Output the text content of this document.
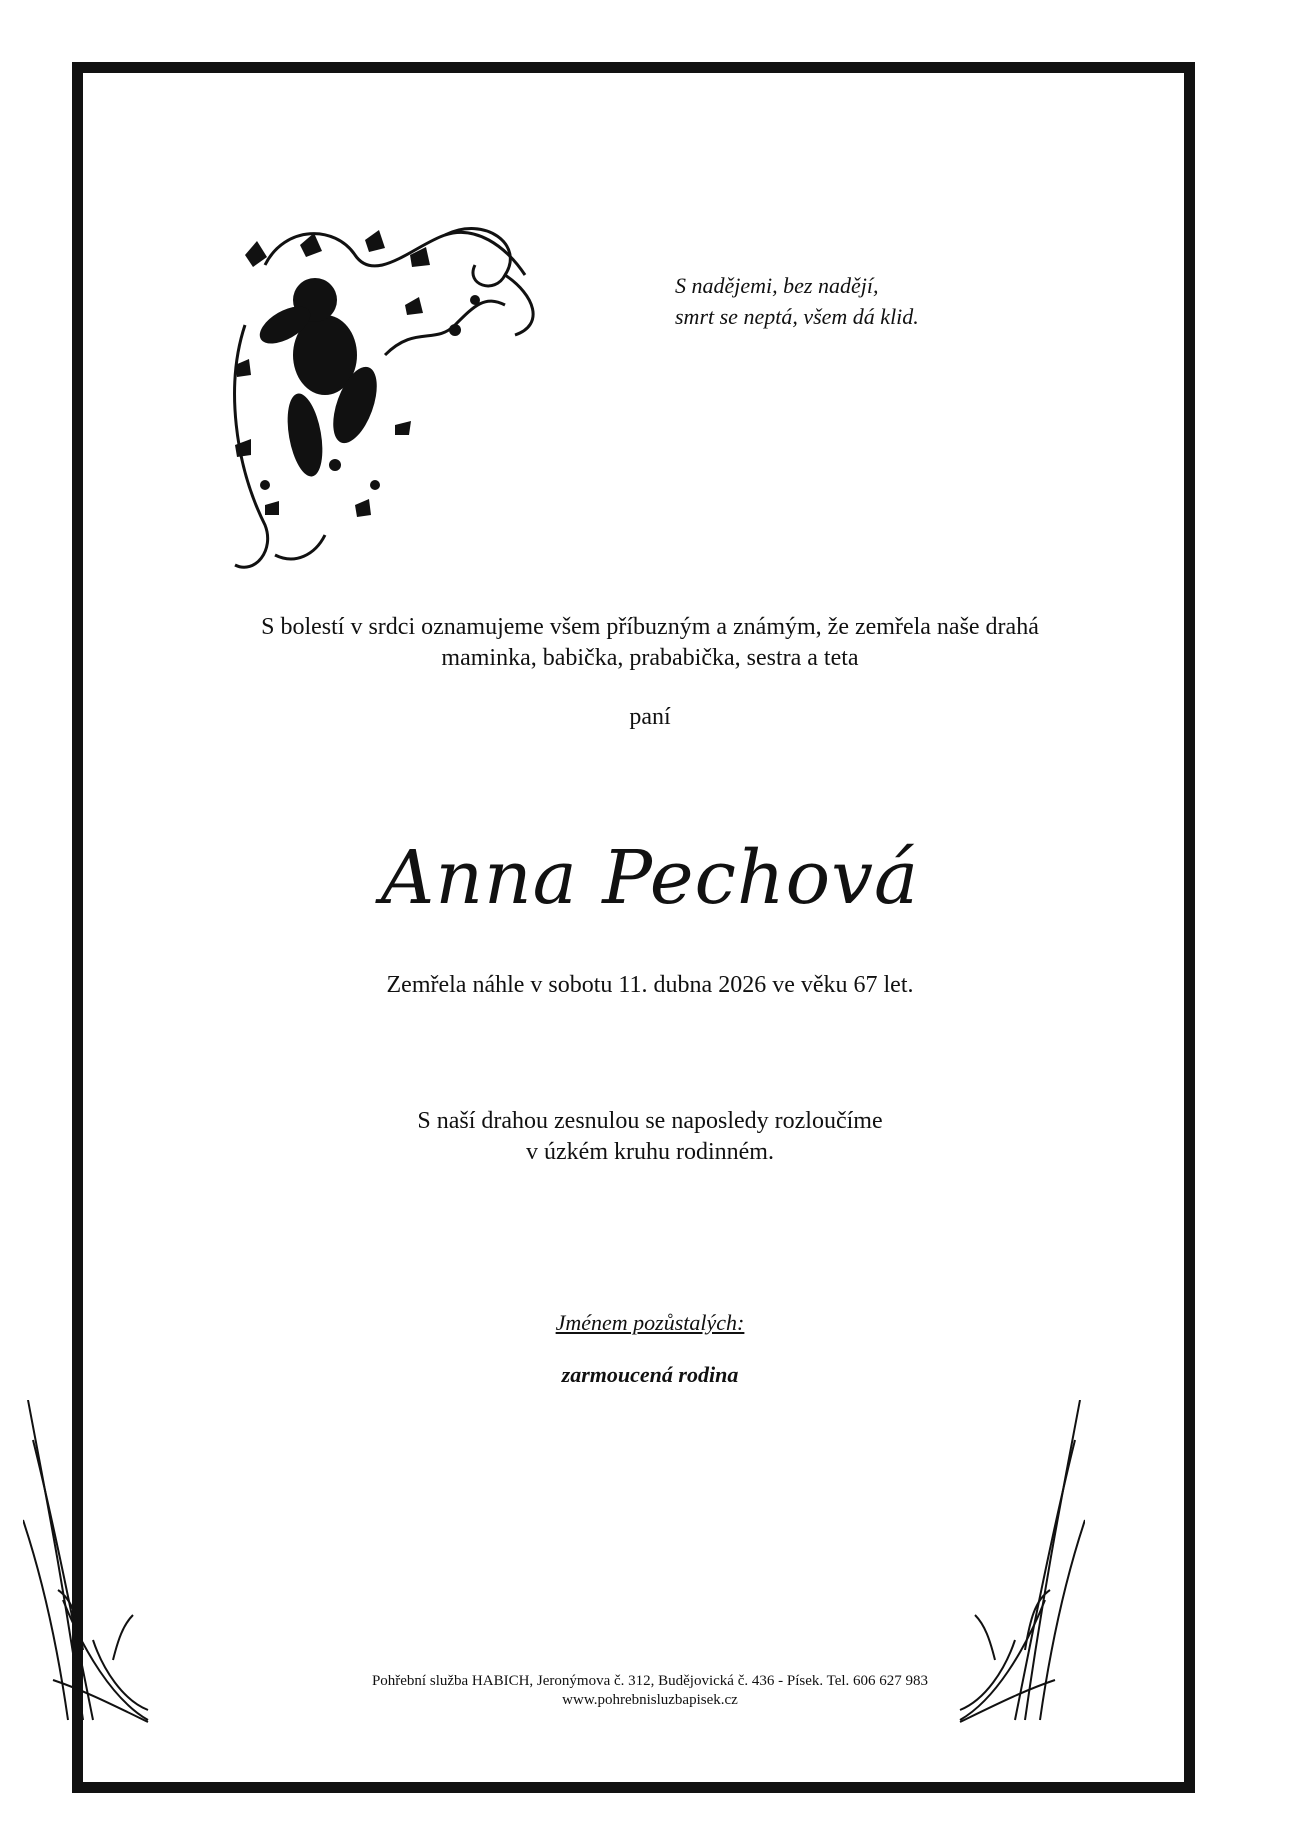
S nadějemi, bez nadějí,
smrt se neptá, všem dá klid.
S bolestí v srdci oznamujeme všem příbuzným a známým, že zemřela naše drahá
maminka, babička, prababička, sestra a teta
paní
Anna Pechová
Zemřela náhle v sobotu 11. dubna 2026 ve věku 67 let.
S naší drahou zesnulou se naposledy rozloučíme
v úzkém kruhu rodinném.
Jménem pozůstalých:
zarmoucená rodina
Pohřební služba HABICH, Jeronýmova č. 312, Budějovická č. 436 - Písek. Tel. 606 627 983
www.pohrebnisluzbapisek.cz
